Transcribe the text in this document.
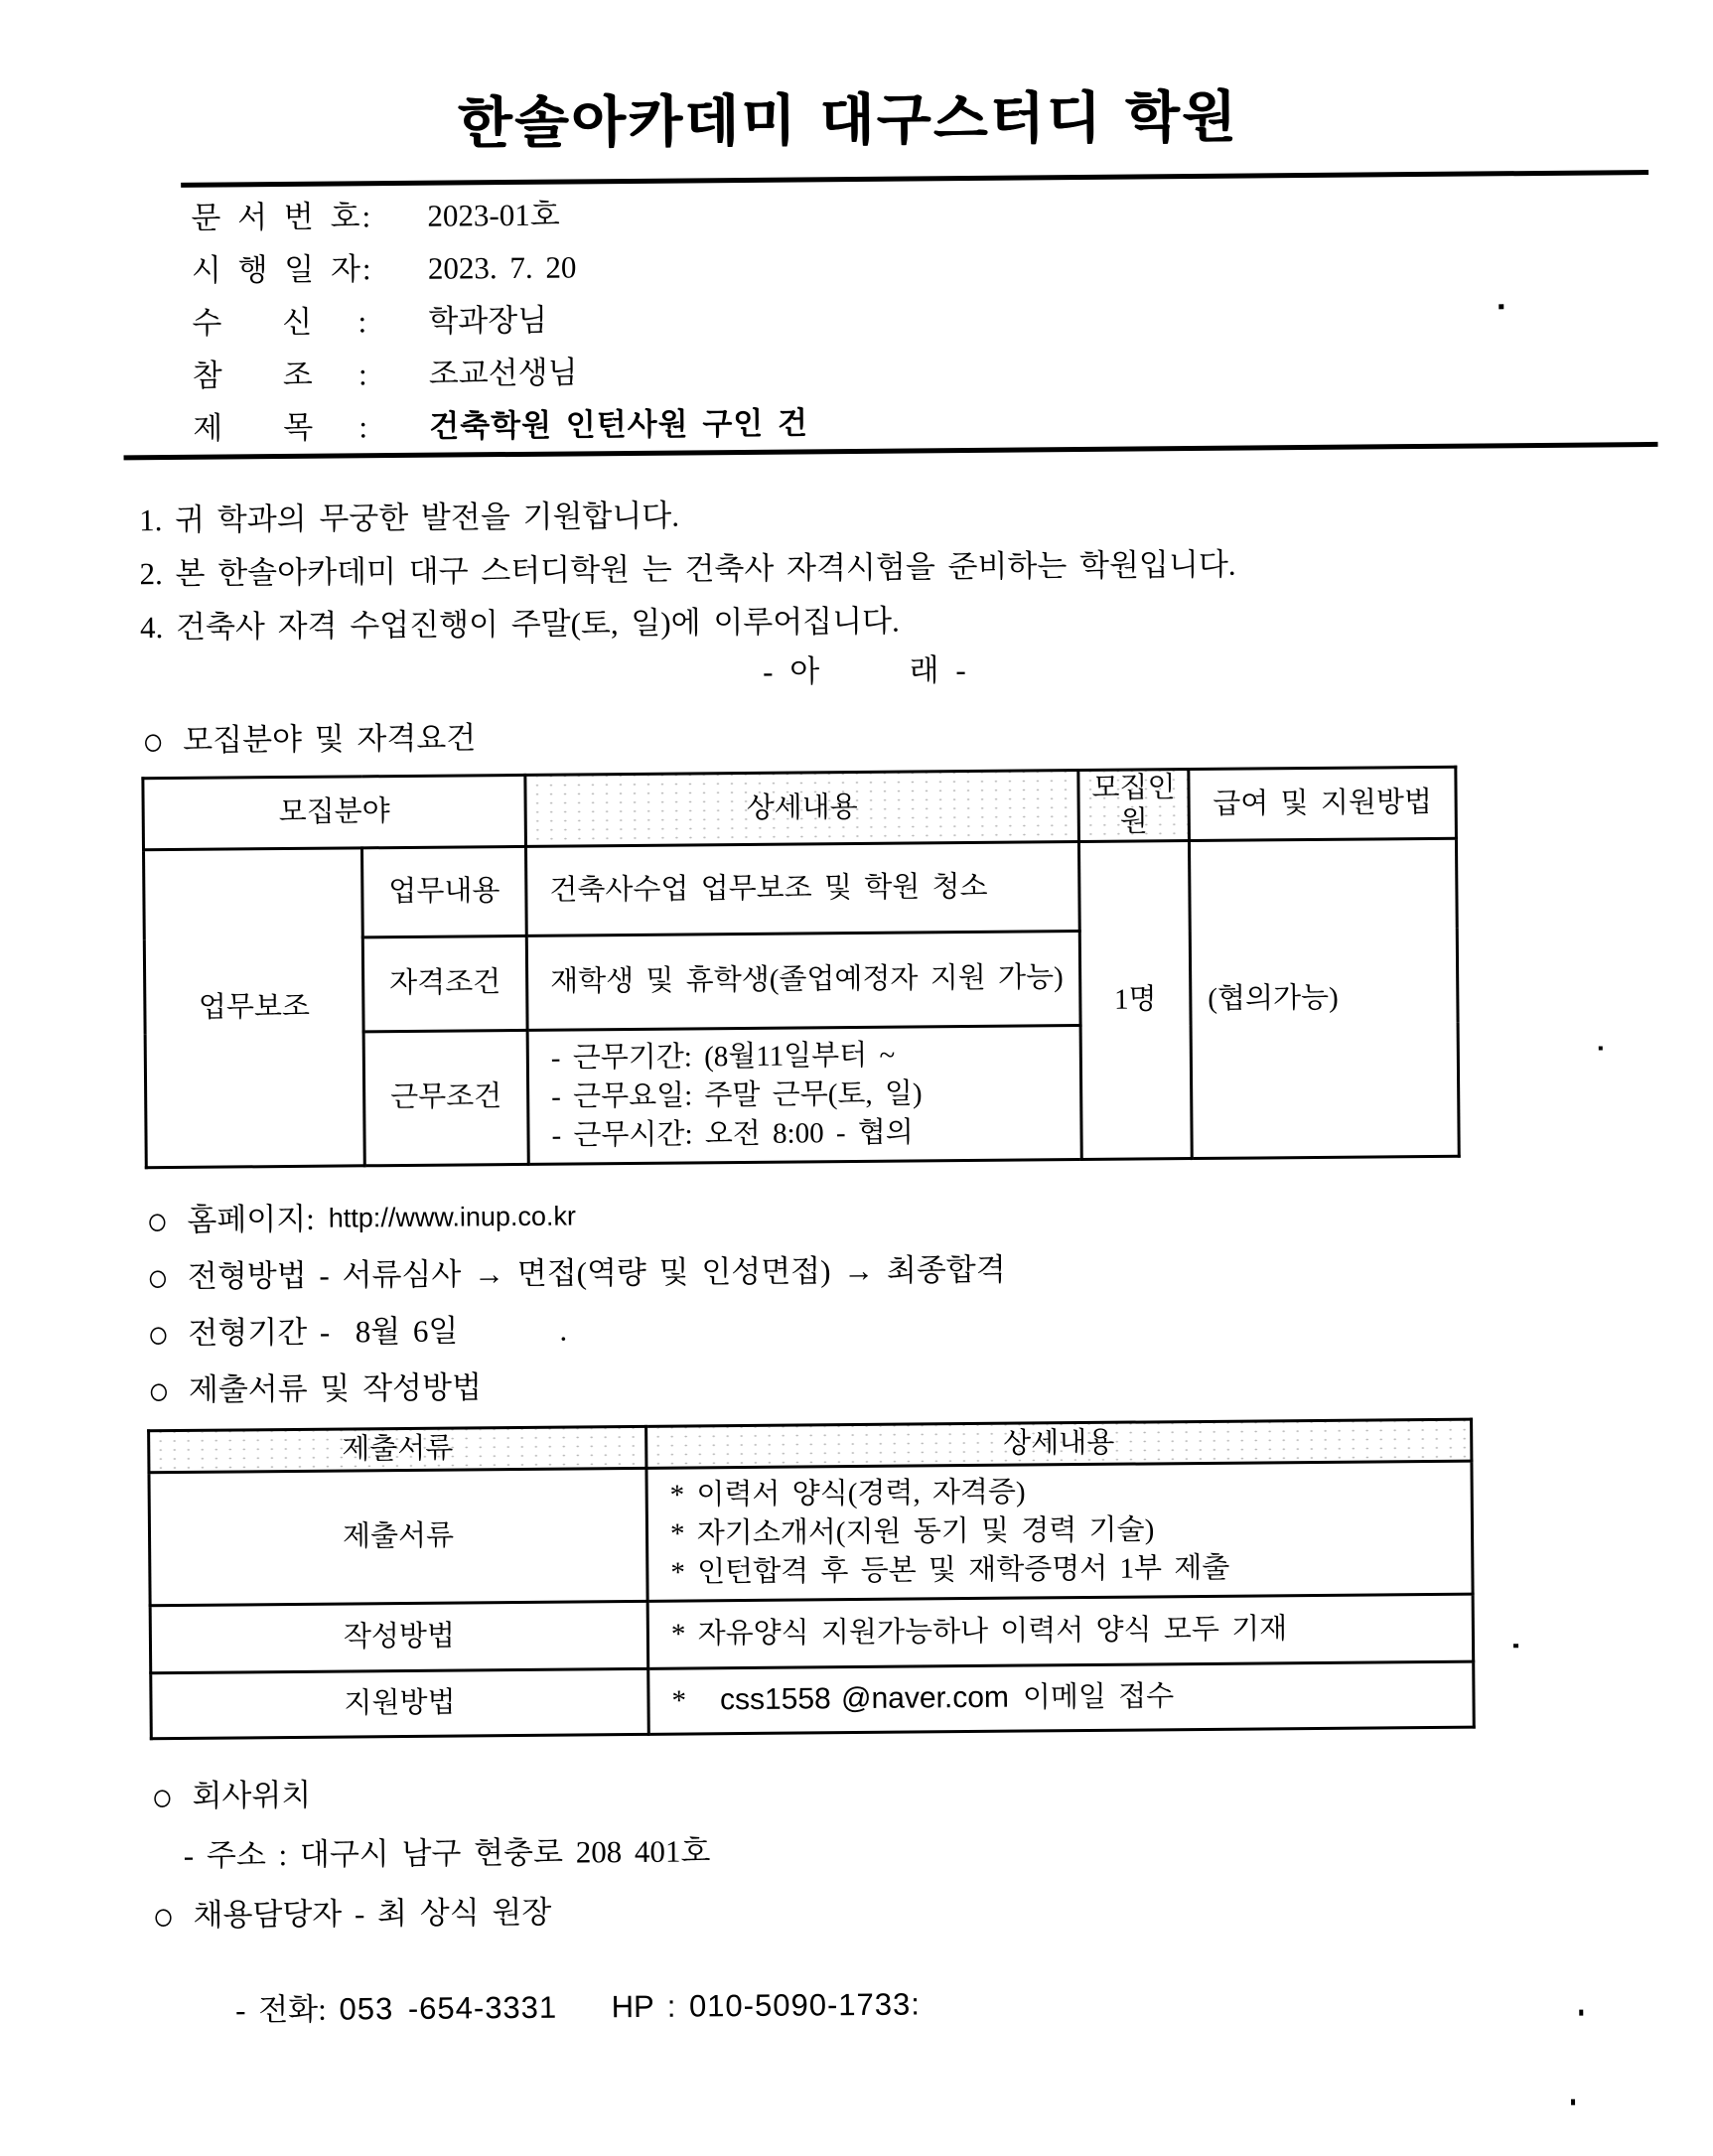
한솔아카데미 대구스터디 학원
문 서 번 호:	2023-01호
시 행 일 자:	2023. 7. 20
수    신   :	학과장님
참    조   :	조교선생님
제    목   :	건축학원 인턴사원 구인 건
1. 귀 학과의 무궁한 발전을 기원합니다.
2. 본 한솔아카데미 대구 스터디학원 는 건축사 자격시험을 준비하는 학원입니다.
4. 건축사 자격 수업진행이 주말(토, 일)에 이루어집니다.
- 아      래 -
○ 모집분야 및 자격요건
모집분야		상세내용	모집인원	급여 및 지원방법
업무보조	업무내용	건축사수업 업무보조 및 학원 청소	1명	(협의가능)
	자격조건	재학생 및 휴학생(졸업예정자 지원 가능)		
	근무조건	- 근무기간: (8월11일부터 ~
- 근무요일: 주말 근무(토, 일)
- 근무시간: 오전 8:00 - 협의		
○ 홈페이지: http://www.inup.co.kr
○ 전형방법 - 서류심사 → 면접(역량 및 인성면접) → 최종합격
○ 전형기간 -  8월 6일        .
○ 제출서류 및 작성방법
제출서류	상세내용
제출서류	* 이력서 양식(경력, 자격증)
* 자기소개서(지원 동기 및 경력 기술)
* 인턴합격 후 등본 및 재학증명서 1부 제출

작성방법	* 자유양식 지원가능하나 이력서 양식 모두 기재
지원방법	* css1558 @naver.com 이메일 접수
○ 회사위치
- 주소 : 대구시 남구 현충로 208 401호
○ 채용담당자 - 최 상식 원장

- 전화: 053 -654-3331    HP : 010-5090-1733:
